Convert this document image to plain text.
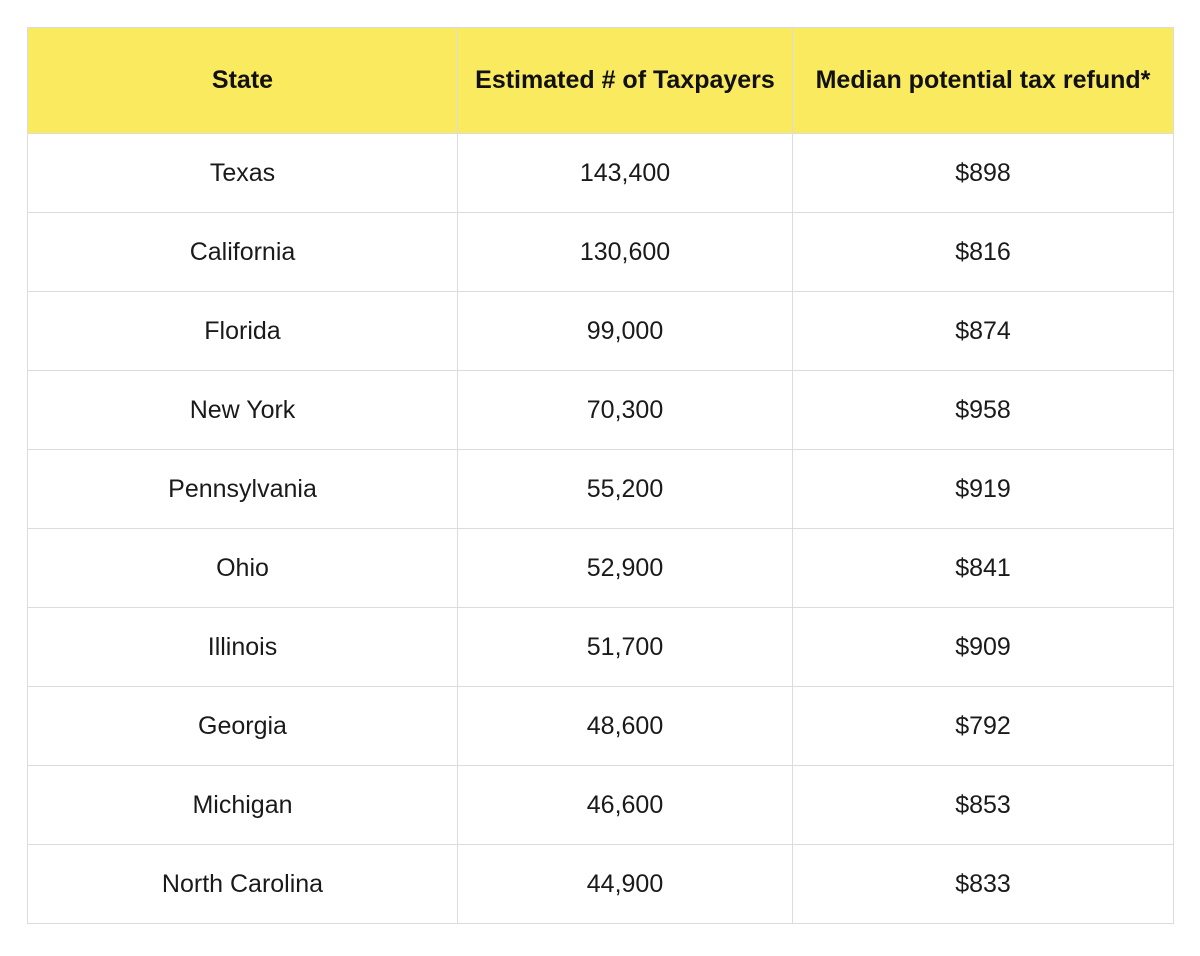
State	Estimated # of Taxpayers	Median potential tax refund*
Texas	143,400	$898
California	130,600	$816
Florida	99,000	$874
New York	70,300	$958
Pennsylvania	55,200	$919
Ohio	52,900	$841
Illinois	51,700	$909
Georgia	48,600	$792
Michigan	46,600	$853
North Carolina	44,900	$833
